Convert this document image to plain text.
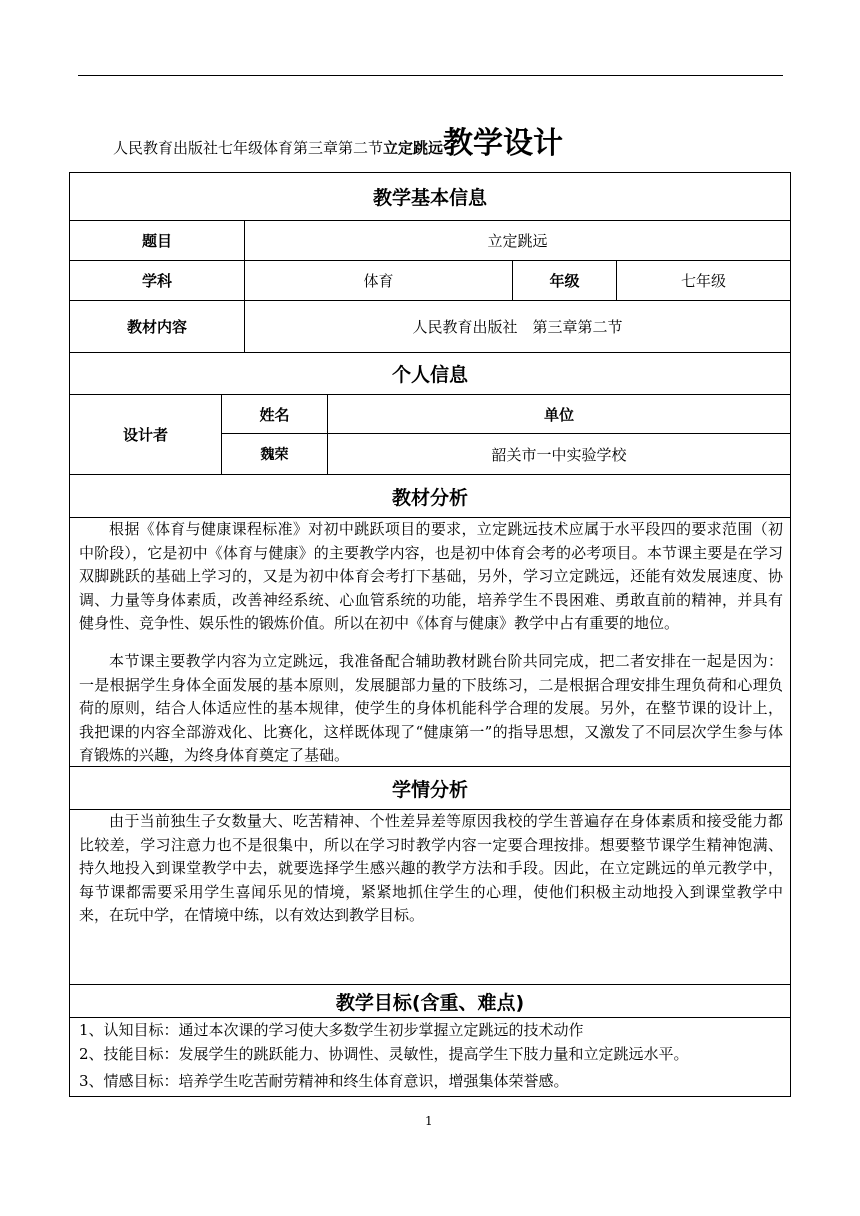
人民教育出版社七年级体育第三章第二节立定跳远教学设计
教学基本信息
题目	立定跳远
学科	体育	年级	七年级
教材内容	人民教育出版社　第三章第二节
个人信息
设计者
姓名	单位
魏荣	韶关市一中实验学校
教材分析

根据《体育与健康课程标准》对初中跳跃项目的要求，立定跳远技术应属于水平段四的要求范围（初中阶段），它是初中《体育与健康》的主要教学内容，也是初中体育会考的必考项目。本节课主要是在学习双脚跳跃的基础上学习的，又是为初中体育会考打下基础，另外，学习立定跳远，还能有效发展速度、协调、力量等身体素质，改善神经系统、心血管系统的功能，培养学生不畏困难、勇敢直前的精神，并具有健身性、竞争性、娱乐性的锻炼价值。所以在初中《体育与健康》教学中占有重要的地位。

本节课主要教学内容为立定跳远，我准备配合辅助教材跳台阶共同完成，把二者安排在一起是因为：一是根据学生身体全面发展的基本原则，发展腿部力量的下肢练习，二是根据合理安排生理负荷和心理负荷的原则，结合人体适应性的基本规律，使学生的身体机能科学合理的发展。另外，在整节课的设计上，我把课的内容全部游戏化、比赛化，这样既体现了“健康第一”的指导思想，又激发了不同层次学生参与体育锻炼的兴趣，为终身体育奠定了基础。

学情分析

由于当前独生子女数量大、吃苦精神、个性差异差等原因我校的学生普遍存在身体素质和接受能力都比较差，学习注意力也不是很集中，所以在学习时教学内容一定要合理按排。想要整节课学生精神饱满、持久地投入到课堂教学中去，就要选择学生感兴趣的教学方法和手段。因此，在立定跳远的单元教学中，每节课都需要采用学生喜闻乐见的情境，紧紧地抓住学生的心理，使他们积极主动地投入到课堂教学中来，在玩中学，在情境中练，以有效达到教学目标。

教学目标(含重、难点)
1、认知目标：通过本次课的学习使大多数学生初步掌握立定跳远的技术动作
2、技能目标：发展学生的跳跃能力、协调性、灵敏性，提高学生下肢力量和立定跳远水平。
3、情感目标：培养学生吃苦耐劳精神和终生体育意识，增强集体荣誉感。
1
